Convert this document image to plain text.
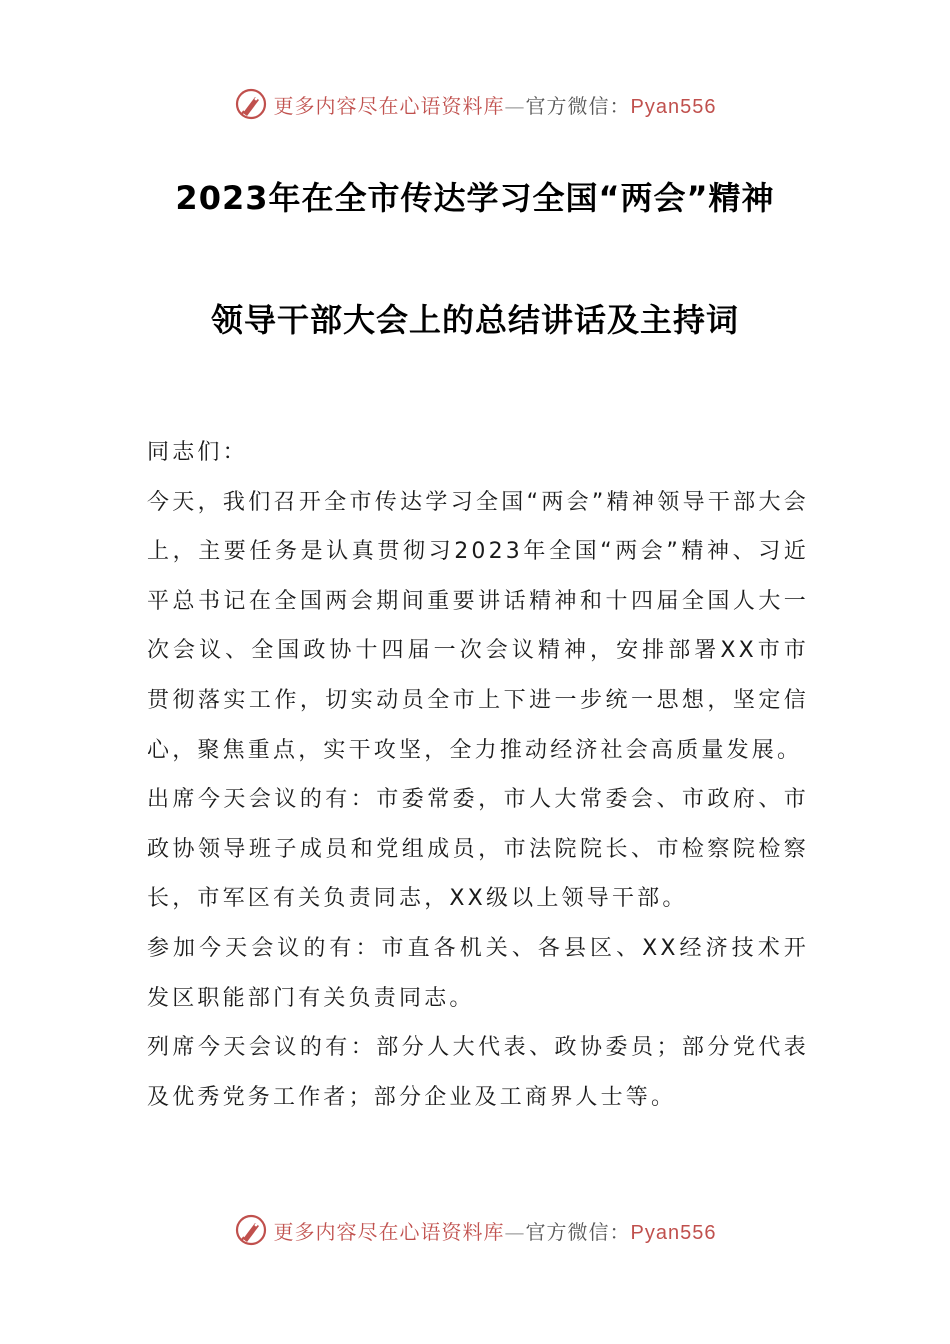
更多内容尽在心语资料库—官方微信：Pyan556
2023年在全市传达学习全国“两会”精神
领导干部大会上的总结讲话及主持词

同志们：

今天，我们召开全市传达学习全国“两会”精神领导干部大会上，主要任务是认真贯彻习2023年全国“两会”精神、习近平总书记在全国两会期间重要讲话精神和十四届全国人大一次会议、全国政协十四届一次会议精神，安排部署XX市市贯彻落实工作，切实动员全市上下进一步统一思想，坚定信心，聚焦重点，实干攻坚，全力推动经济社会高质量发展。

出席今天会议的有：市委常委，市人大常委会、市政府、市政协领导班子成员和党组成员，市法院院长、市检察院检察长，市军区有关负责同志，XX级以上领导干部。

参加今天会议的有：市直各机关、各县区、XX经济技术开发区职能部门有关负责同志。

列席今天会议的有：部分人大代表、政协委员；部分党代表及优秀党务工作者；部分企业及工商界人士等。

更多内容尽在心语资料库—官方微信：Pyan556
